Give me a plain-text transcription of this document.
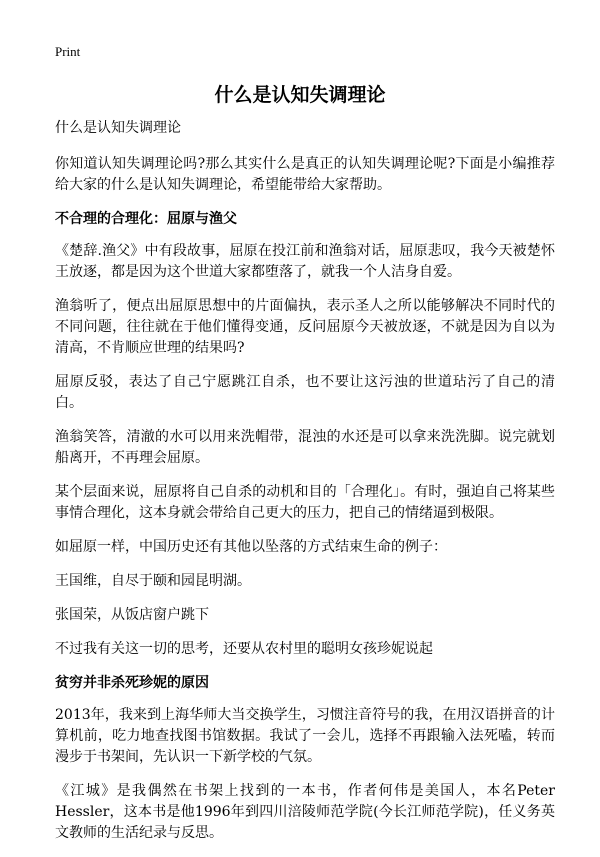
Print
什么是认知失调理论
什么是认知失调理论

你知道认知失调理论吗?那么其实什么是真正的认知失调理论呢?下面是小编推荐给大家的什么是认知失调理论，希望能带给大家帮助。

不合理的合理化：屈原与渔父

《楚辞.渔父》中有段故事，屈原在投江前和渔翁对话，屈原悲叹，我今天被楚怀王放逐，都是因为这个世道大家都堕落了，就我一个人洁身自爱。

渔翁听了，便点出屈原思想中的片面偏执，表示圣人之所以能够解决不同时代的不同问题，往往就在于他们懂得变通，反问屈原今天被放逐，不就是因为自以为清高，不肯顺应世理的结果吗?

屈原反驳，表达了自己宁愿跳江自杀，也不要让这污浊的世道玷污了自己的清白。

渔翁笑答，清澈的水可以用来洗帽带，混浊的水还是可以拿来洗洗脚。说完就划船离开，不再理会屈原。

某个层面来说，屈原将自己自杀的动机和目的「合理化」。有时，强迫自己将某些事情合理化，这本身就会带给自己更大的压力，把自己的情绪逼到极限。

如屈原一样，中国历史还有其他以坠落的方式结束生命的例子：

王国维，自尽于颐和园昆明湖。

张国荣，从饭店窗户跳下

不过我有关这一切的思考，还要从农村里的聪明女孩珍妮说起

贫穷并非杀死珍妮的原因

2013年，我来到上海华师大当交换学生，习惯注音符号的我，在用汉语拼音的计算机前，吃力地查找图书馆数据。我试了一会儿，选择不再跟输入法死嗑，转而漫步于书架间，先认识一下新学校的气氛。

《江城》是我偶然在书架上找到的一本书，作者何伟是美国人，本名Peter Hessler，这本书是他1996年到四川涪陵师范学院(今长江师范学院)，任义务英文教师的生活纪录与反思。
